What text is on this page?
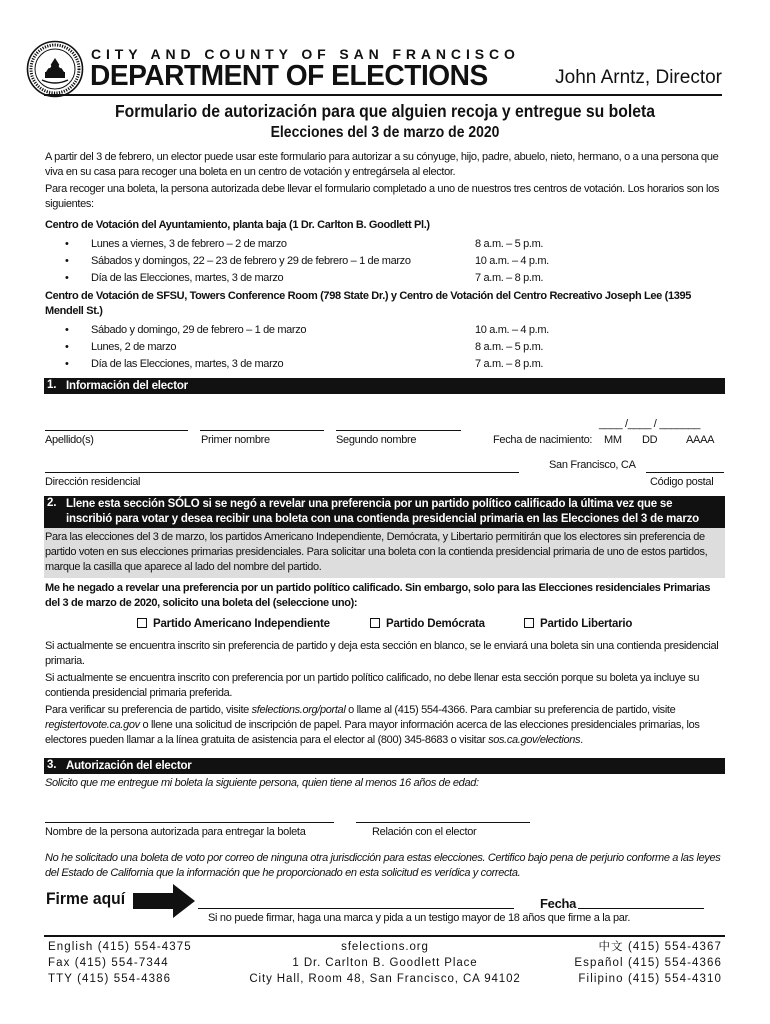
CITY AND COUNTY OF SAN FRANCISCO
DEPARTMENT OF ELECTIONS	John Arntz, Director
Formulario de autorización para que alguien recoja y entregue su boleta
Elecciones del 3 de marzo de 2020
A partir del 3 de febrero, un elector puede usar este formulario para autorizar a su cónyuge, hijo, padre, abuelo, nieto, hermano, o a una persona que viva en su casa para recoger una boleta en un centro de votación y entregársela al elector.
Para recoger una boleta, la persona autorizada debe llevar el formulario completado a uno de nuestros tres centros de votación. Los horarios son los siguientes:
Centro de Votación del Ayuntamiento, planta baja (1 Dr. Carlton B. Goodlett Pl.)
• Lunes a viernes, 3 de febrero – 2 de marzo	8 a.m. – 5 p.m.
• Sábados y domingos, 22 – 23 de febrero y 29 de febrero – 1 de marzo	10 a.m. – 4 p.m.
• Día de las Elecciones, martes, 3 de marzo	7 a.m. – 8 p.m.
Centro de Votación de SFSU, Towers Conference Room (798 State Dr.) y Centro de Votación del Centro Recreativo Joseph Lee (1395 Mendell St.)
• Sábado y domingo, 29 de febrero – 1 de marzo	10 a.m. – 4 p.m.
• Lunes, 2 de marzo	8 a.m. – 5 p.m.
• Día de las Elecciones, martes, 3 de marzo	7 a.m. – 8 p.m.
1. Información del elector
____ /____ / _______
Apellido(s)	Primer nombre	Segundo nombre	Fecha de nacimiento: MM DD	AAAA
San Francisco, CA
Dirección residencial	Código postal
2. Llene esta sección SÓLO si se negó a revelar una preferencia por un partido político calificado la última vez que se inscribió para votar y desea recibir una boleta con una contienda presidencial primaria en las Elecciones del 3 de marzo
Para las elecciones del 3 de marzo, los partidos Americano Independiente, Demócrata, y Libertario permitirán que los electores sin preferencia de partido voten en sus elecciones primarias presidenciales. Para solicitar una boleta con la contienda presidencial primaria de uno de estos partidos, marque la casilla que aparece al lado del nombre del partido.
Me he negado a revelar una preferencia por un partido político calificado. Sin embargo, solo para las Elecciones residenciales Primarias del 3 de marzo de 2020, solicito una boleta del (seleccione uno):
Partido Americano Independiente	Partido Demócrata	Partido Libertario
Si actualmente se encuentra inscrito sin preferencia de partido y deja esta sección en blanco, se le enviará una boleta sin una contienda presidencial primaria.
Si actualmente se encuentra inscrito con preferencia por un partido político calificado, no debe llenar esta sección porque su boleta ya incluye su contienda presidencial primaria preferida.
Para verificar su preferencia de partido, visite sfelections.org/portal o llame al (415) 554-4366. Para cambiar su preferencia de partido, visite registertovote.ca.gov o llene una solicitud de inscripción de papel. Para mayor información acerca de las elecciones presidenciales primarias, los electores pueden llamar a la línea gratuita de asistencia para el elector al (800) 345-8683 o visitar sos.ca.gov/elections.
3. Autorización del elector
Solicito que me entregue mi boleta la siguiente persona, quien tiene al menos 16 años de edad:
Nombre de la persona autorizada para entregar la boleta	Relación con el elector
No he solicitado una boleta de voto por correo de ninguna otra jurisdicción para estas elecciones. Certifico bajo pena de perjurio conforme a las leyes del Estado de California que la información que he proporcionado en esta solicitud es verídica y correcta.
Firme aquí	Fecha
Si no puede firmar, haga una marca y pida a un testigo mayor de 18 años que firme a la par.
English (415) 554-4375
Fax (415) 554-7344
TTY (415) 554-4386
sfelections.org
1 Dr. Carlton B. Goodlett Place
City Hall, Room 48, San Francisco, CA 94102
中文 (415) 554-4367
Español (415) 554-4366
Filipino (415) 554-4310
